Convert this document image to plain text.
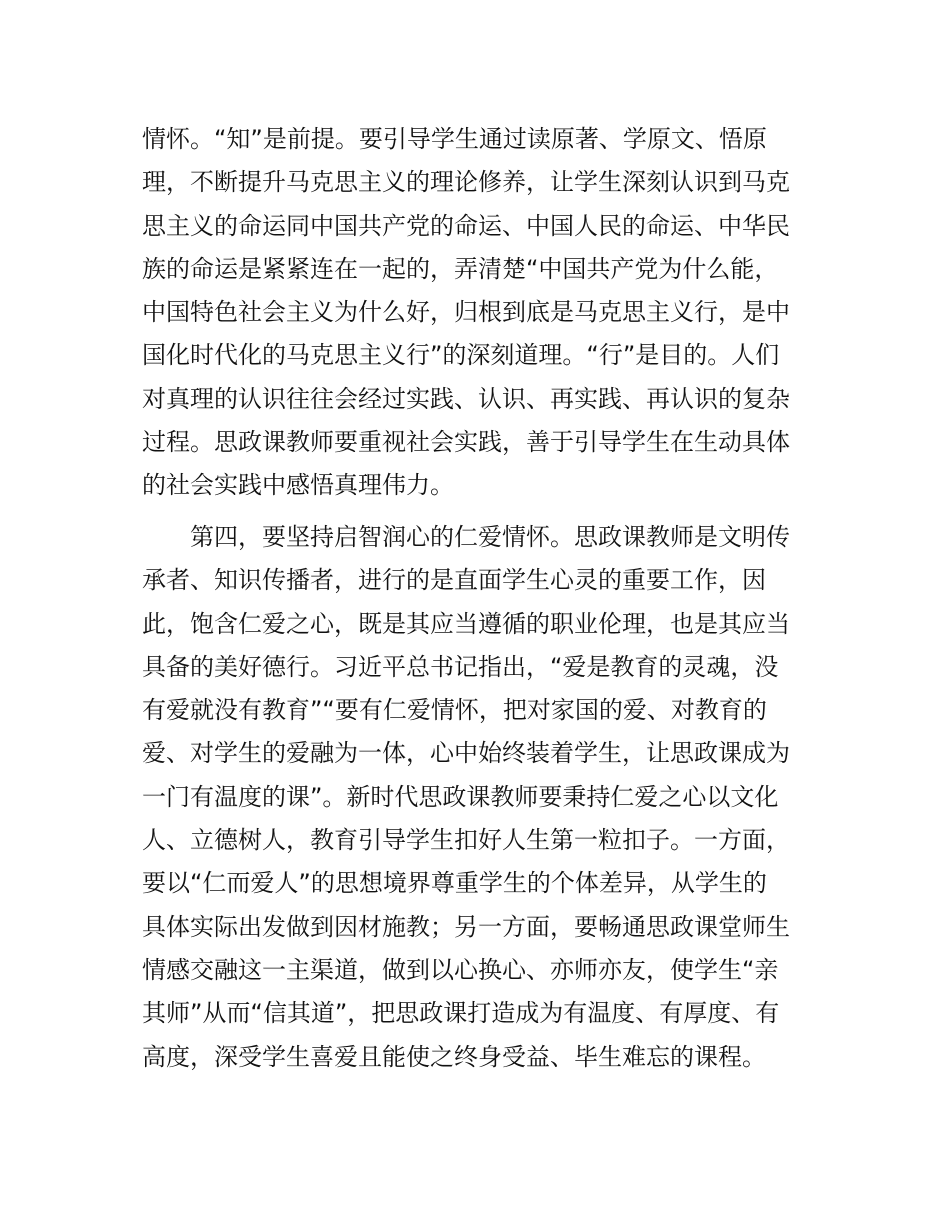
情怀。“知”是前提。要引导学生通过读原著、学原文、悟原
理，不断提升马克思主义的理论修养，让学生深刻认识到马克
思主义的命运同中国共产党的命运、中国人民的命运、中华民
族的命运是紧紧连在一起的，弄清楚“中国共产党为什么能，
中国特色社会主义为什么好，归根到底是马克思主义行，是中
国化时代化的马克思主义行”的深刻道理。“行”是目的。人们
对真理的认识往往会经过实践、认识、再实践、再认识的复杂
过程。思政课教师要重视社会实践，善于引导学生在生动具体
的社会实践中感悟真理伟力。
第四，要坚持启智润心的仁爱情怀。思政课教师是文明传
承者、知识传播者，进行的是直面学生心灵的重要工作，因
此，饱含仁爱之心，既是其应当遵循的职业伦理，也是其应当
具备的美好德行。习近平总书记指出，“爱是教育的灵魂，没
有爱就没有教育”“要有仁爱情怀，把对家国的爱、对教育的
爱、对学生的爱融为一体，心中始终装着学生，让思政课成为
一门有温度的课”。新时代思政课教师要秉持仁爱之心以文化
人、立德树人，教育引导学生扣好人生第一粒扣子。一方面，
要以“仁而爱人”的思想境界尊重学生的个体差异，从学生的
具体实际出发做到因材施教；另一方面，要畅通思政课堂师生
情感交融这一主渠道，做到以心换心、亦师亦友，使学生“亲
其师”从而“信其道”，把思政课打造成为有温度、有厚度、有
高度，深受学生喜爱且能使之终身受益、毕生难忘的课程。
